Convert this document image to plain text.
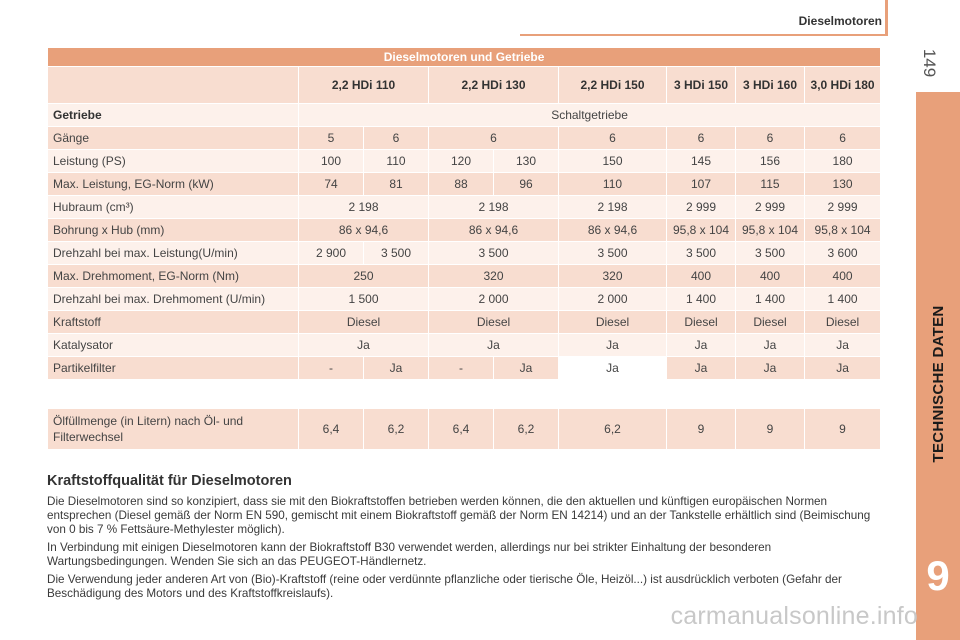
Dieselmotoren
149
TECHNISCHE DATEN
9
Dieselmotoren und Getriebe								
	2,2 HDi 110		2,2 HDi 130		2,2 HDi 150	3 HDi 150	3 HDi 160	3,0 HDi 180
Getriebe	Schaltgetriebe							
Gänge	5	6	6		6	6	6	6
Leistung (PS)	100	110	120	130	150	145	156	180
Max. Leistung, EG-Norm (kW)	74	81	88	96	110	107	115	130
Hubraum (cm³)	2 198		2 198		2 198	2 999	2 999	2 999
Bohrung x Hub (mm)	86 x 94,6		86 x 94,6		86 x 94,6	95,8 x 104	95,8 x 104	95,8 x 104
Drehzahl bei max. Leistung(U/min)	2 900	3 500	3 500		3 500	3 500	3 500	3 600
Max. Drehmoment, EG-Norm (Nm)	250		320		320	400	400	400
Drehzahl bei max. Drehmoment (U/min)	1 500		2 000		2 000	1 400	1 400	1 400
Kraftstoff	Diesel		Diesel		Diesel	Diesel	Diesel	Diesel
Katalysator	Ja		Ja		Ja	Ja	Ja	Ja
Partikelfilter	-	Ja	-	Ja	Ja	Ja	Ja	Ja
Ölfüllmenge (in Litern) nach Öl- und Filterwechsel	6,4	6,2	6,4	6,2	6,2	9	9	9
Kraftstoffqualität für Dieselmotoren

Die Dieselmotoren sind so konzipiert, dass sie mit den Biokraftstoffen betrieben werden können, die den aktuellen und künftigen europäischen Normen entsprechen (Diesel gemäß der Norm EN 590, gemischt mit einem Biokraftstoff gemäß der Norm EN 14214) und an der Tankstelle erhältlich sind (Beimischung von 0 bis 7 % Fettsäure-Methylester möglich).

In Verbindung mit einigen Dieselmotoren kann der Biokraftstoff B30 verwendet werden, allerdings nur bei strikter Einhaltung der besonderen Wartungsbedingungen. Wenden Sie sich an das PEUGEOT-Händlernetz.

Die Verwendung jeder anderen Art von (Bio)-Kraftstoff (reine oder verdünnte pflanzliche oder tierische Öle, Heizöl...) ist ausdrücklich verboten (Gefahr der Beschädigung des Motors und des Kraftstoffkreislaufs).

carmanualsonline.info
